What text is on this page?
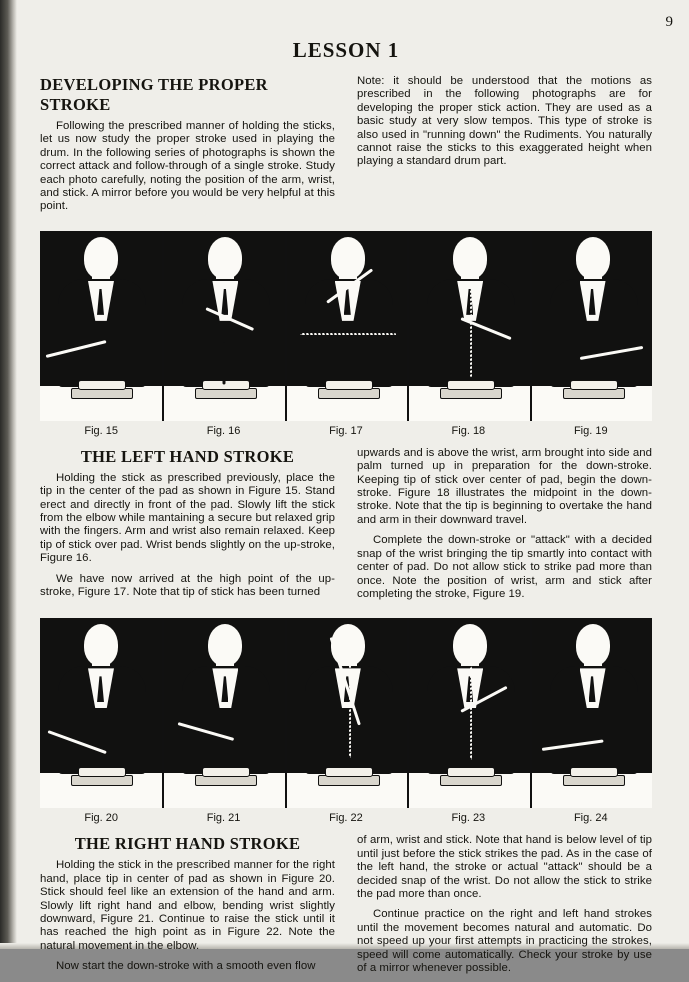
9
LESSON 1
DEVELOPING THE PROPER STROKE

Following the prescribed manner of holding the sticks, let us now study the proper stroke used in playing the drum. In the following series of photographs is shown the correct attack and follow-through of a single stroke. Study each photo carefully, noting the position of the arm, wrist, and stick. A mirror before you would be very helpful at this point.

Note: it should be understood that the motions as prescribed in the following photographs are for developing the proper stick action. They are used as a basic study at very slow tempos. This type of stroke is also used in "running down" the Rudiments. You naturally cannot raise the sticks to this exaggerated height when playing a standard drum part.

Fig. 15	Fig. 16	Fig. 17	Fig. 18	Fig. 19
THE LEFT HAND STROKE

Holding the stick as prescribed previously, place the tip in the center of the pad as shown in Figure 15. Stand erect and directly in front of the pad. Slowly lift the stick from the elbow while mantaining a secure but relaxed grip with the fingers. Arm and wrist also remain relaxed. Keep tip of stick over pad. Wrist bends slightly on the up-stroke, Figure 16.

We have now arrived at the high point of the up-stroke, Figure 17. Note that tip of stick has been turned

upwards and is above the wrist, arm brought into side and palm turned up in preparation for the down-stroke. Keeping tip of stick over center of pad, begin the down-stroke. Figure 18 illustrates the midpoint in the down-stroke. Note that the tip is beginning to overtake the hand and arm in their downward travel.

Complete the down-stroke or "attack" with a decided snap of the wrist bringing the tip smartly into contact with center of pad. Do not allow stick to strike pad more than once. Note the position of wrist, arm and stick after completing the stroke, Figure 19.

Fig. 20	Fig. 21	Fig. 22	Fig. 23	Fig. 24
THE RIGHT HAND STROKE

Holding the stick in the prescribed manner for the right hand, place tip in center of pad as shown in Figure 20. Stick should feel like an extension of the hand and arm. Slowly lift right hand and elbow, bending wrist slightly downward, Figure 21. Continue to raise the stick until it has reached the high point as in Figure 22. Note the natural movement in the elbow.

Now start the down-stroke with a smooth even flow

of arm, wrist and stick. Note that hand is below level of tip until just before the stick strikes the pad. As in the case of the left hand, the stroke or actual "attack" should be a decided snap of the wrist. Do not allow the stick to strike the pad more than once.

Continue practice on the right and left hand strokes until the movement becomes natural and automatic. Do not speed up your first attempts in practicing the strokes, speed will come automatically. Check your stroke by use of a mirror whenever possible.
